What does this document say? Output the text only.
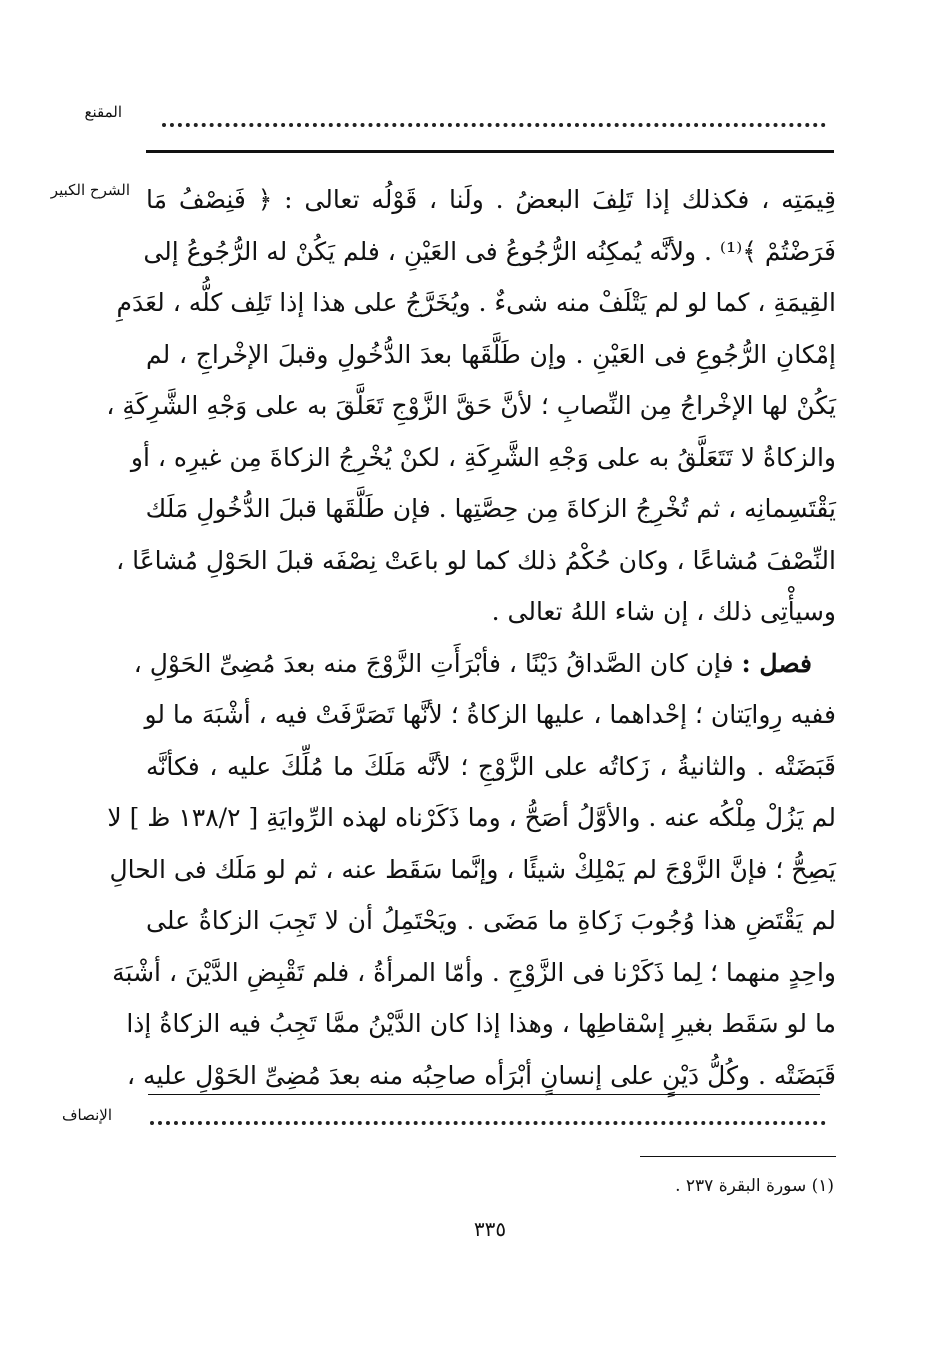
المقنع
الشرح الكبير قِيمَتِه ، فكذلك إذا تَلِفَ البعضُ . ولَنا ، قَوْلُه تعالى : ﴿ فَنِصْفُ مَا
فَرَضْتُمْ ﴾⁽¹⁾ . ولأنَّه يُمكِنُه الرُّجُوعُ فى العَيْنِ ، فلم يَكُنْ له الرُّجُوعُ إلى
القِيمَةِ ، كما لو لم يَتْلَفْ منه شىءٌ . ويُخَرَّجُ على هذا إذا تَلِف كلُّه ، لعَدَمِ
إمْكانِ الرُّجُوعِ فى العَيْنِ . وإن طَلَّقَها بعدَ الدُّخُولِ وقبلَ الإخْراجِ ، لم
يَكُنْ لها الإخْراجُ مِن النِّصابِ ؛ لأنَّ حَقَّ الزَّوْجِ تَعَلَّقَ به على وَجْهِ الشَّرِكَةِ ،
والزكاةُ لا تَتَعَلَّقُ به على وَجْهِ الشَّرِكَةِ ، لكنْ يُخْرِجُ الزكاةَ مِن غيرِه ، أو
يَقْتَسِمانِه ، ثم تُخْرِجُ الزكاةَ مِن حِصَّتِها . فإن طَلَّقَها قبلَ الدُّخُولِ مَلَك
النِّصْفَ مُشاعًا ، وكان حُكْمُ ذلك كما لو باعَتْ نِصْفَه قبلَ الحَوْلِ مُشاعًا ،
وسيأْتِى ذلك ، إن شاء اللهُ تعالى .
فصل : فإن كان الصَّداقُ دَيْنًا ، فأبْرَأَتِ الزَّوْجَ منه بعدَ مُضِىِّ الحَوْلِ ،
ففيه رِوايَتان ؛ إحْداهما ، عليها الزكاةُ ؛ لأنَّها تَصَرَّفَتْ فيه ، أشْبَهَ ما لو
قَبَضَتْه . والثانيةُ ، زَكاتُه على الزَّوْجِ ؛ لأنَّه مَلَكَ ما مُلِّكَ عليه ، فكأنَّه
لم يَزُلْ مِلْكُه عنه . والأوَّلُ أصَحُّ ، وما ذَكَرْناه لهذه الرِّوايَةِ [ ١٣٨/٢ ظ ] لا
يَصِحُّ ؛ فإنَّ الزَّوْجَ لم يَمْلِكْ شيئًا ، وإنَّما سَقَط عنه ، ثم لو مَلَك فى الحالِ
لم يَقْتَضِ هذا وُجُوبَ زَكاةِ ما مَضَى . ويَحْتَمِلُ أن لا تَجِبَ الزكاةُ على
واحِدٍ منهما ؛ لِما ذَكَرْنا فى الزَّوْجِ . وأمّا المرأةُ ، فلم تَقْبِضِ الدَّيْنَ ، أشْبَهَ
ما لو سَقَط بغيرِ إسْقاطِها ، وهذا إذا كان الدَّيْنُ ممَّا تَجِبُ فيه الزكاةُ إذا
قَبَضَتْه . وكُلُّ دَيْنٍ على إنسانٍ أبْرَأه صاحِبُه منه بعدَ مُضِىِّ الحَوْلِ عليه ،
الإنصاف
(١) سورة البقرة ٢٣٧ .
٣٣٥
